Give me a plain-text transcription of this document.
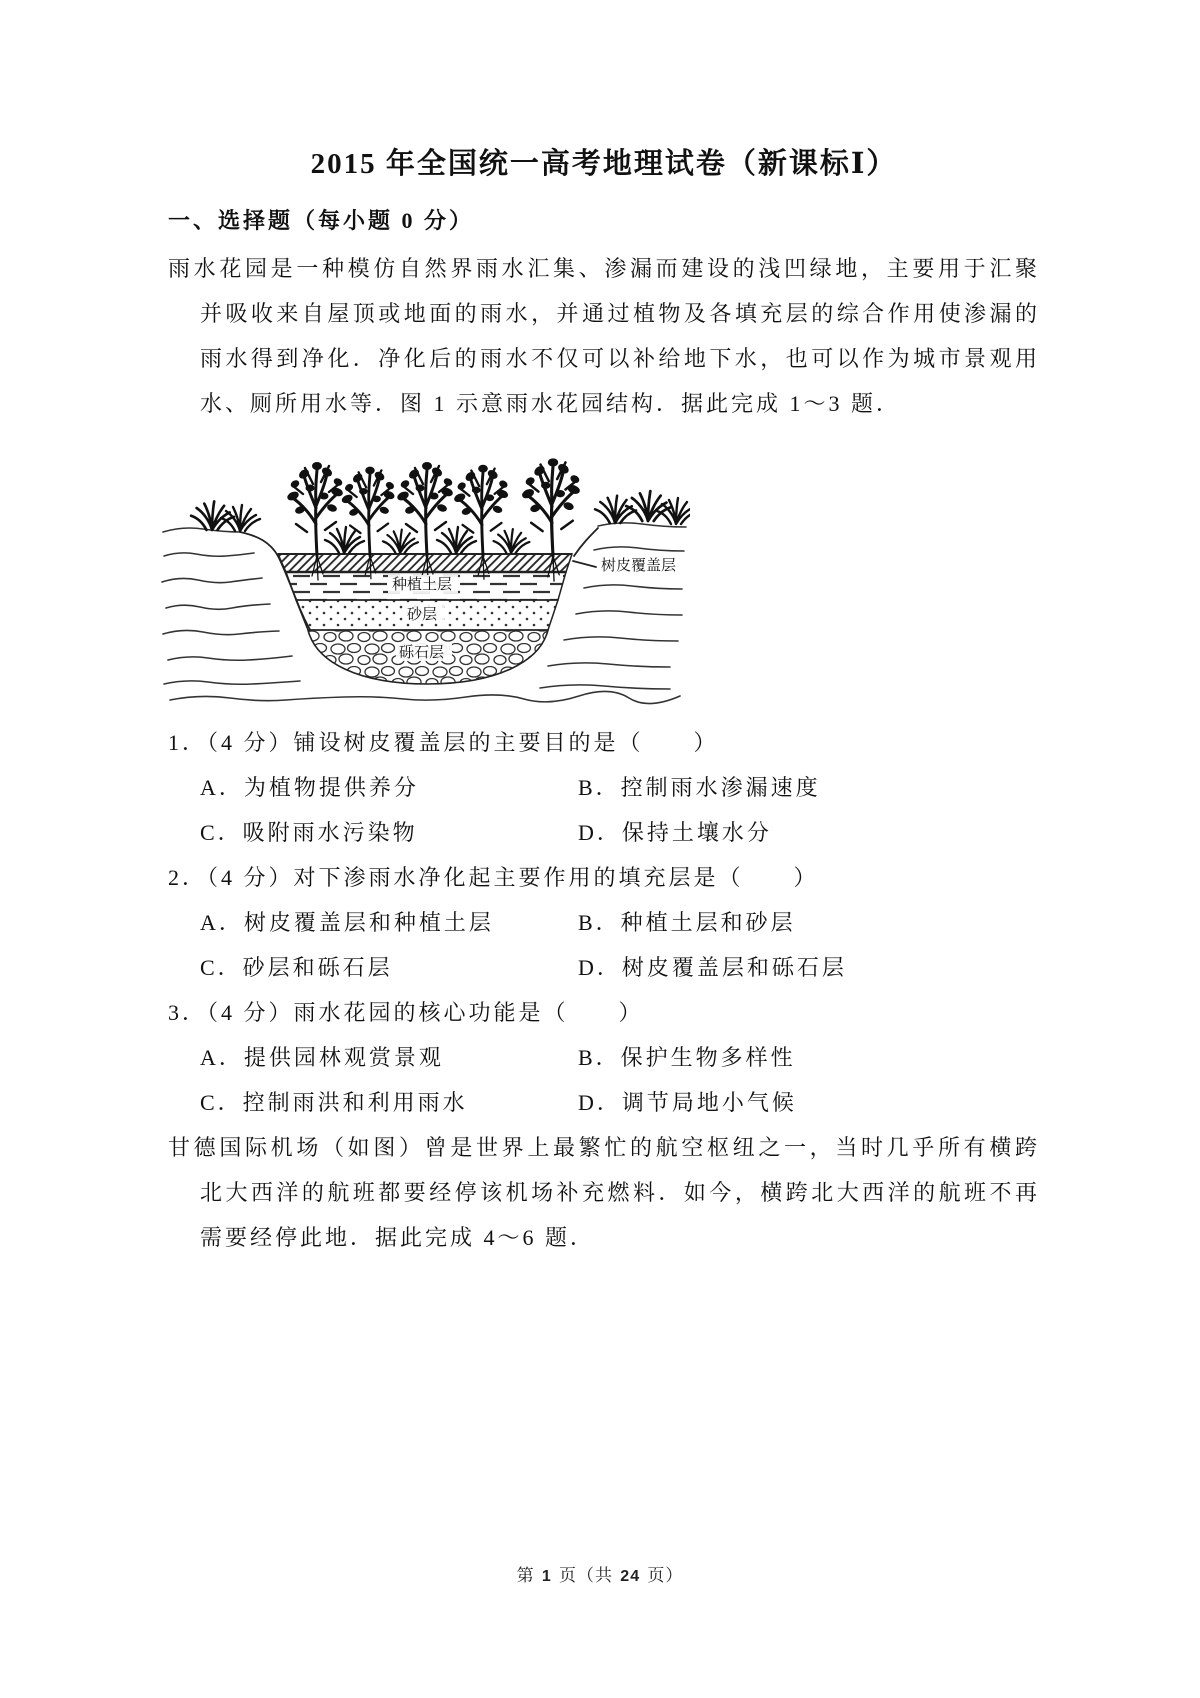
2015 年全国统一高考地理试卷（新课标Ⅰ）
一、选择题（每小题 0 分）
雨水花园是一种模仿自然界雨水汇集、渗漏而建设的浅凹绿地，主要用于汇聚并吸收来自屋顶或地面的雨水，并通过植物及各填充层的综合作用使渗漏的雨水得到净化．净化后的雨水不仅可以补给地下水，也可以作为城市景观用水、厕所用水等．图 1 示意雨水花园结构．据此完成 1～3 题．
种植土层
砂层
砾石层
树皮覆盖层
1．（4 分）铺设树皮覆盖层的主要目的是（　　）
A．为植物提供养分	B．控制雨水渗漏速度
C．吸附雨水污染物	D．保持土壤水分
2．（4 分）对下渗雨水净化起主要作用的填充层是（　　）
A．树皮覆盖层和种植土层	B．种植土层和砂层
C．砂层和砾石层	D．树皮覆盖层和砾石层
3．（4 分）雨水花园的核心功能是（　　）
A．提供园林观赏景观	B．保护生物多样性
C．控制雨洪和利用雨水	D．调节局地小气候
甘德国际机场（如图）曾是世界上最繁忙的航空枢纽之一，当时几乎所有横跨北大西洋的航班都要经停该机场补充燃料．如今，横跨北大西洋的航班不再需要经停此地．据此完成 4～6 题．
第 1 页（共 24 页）
